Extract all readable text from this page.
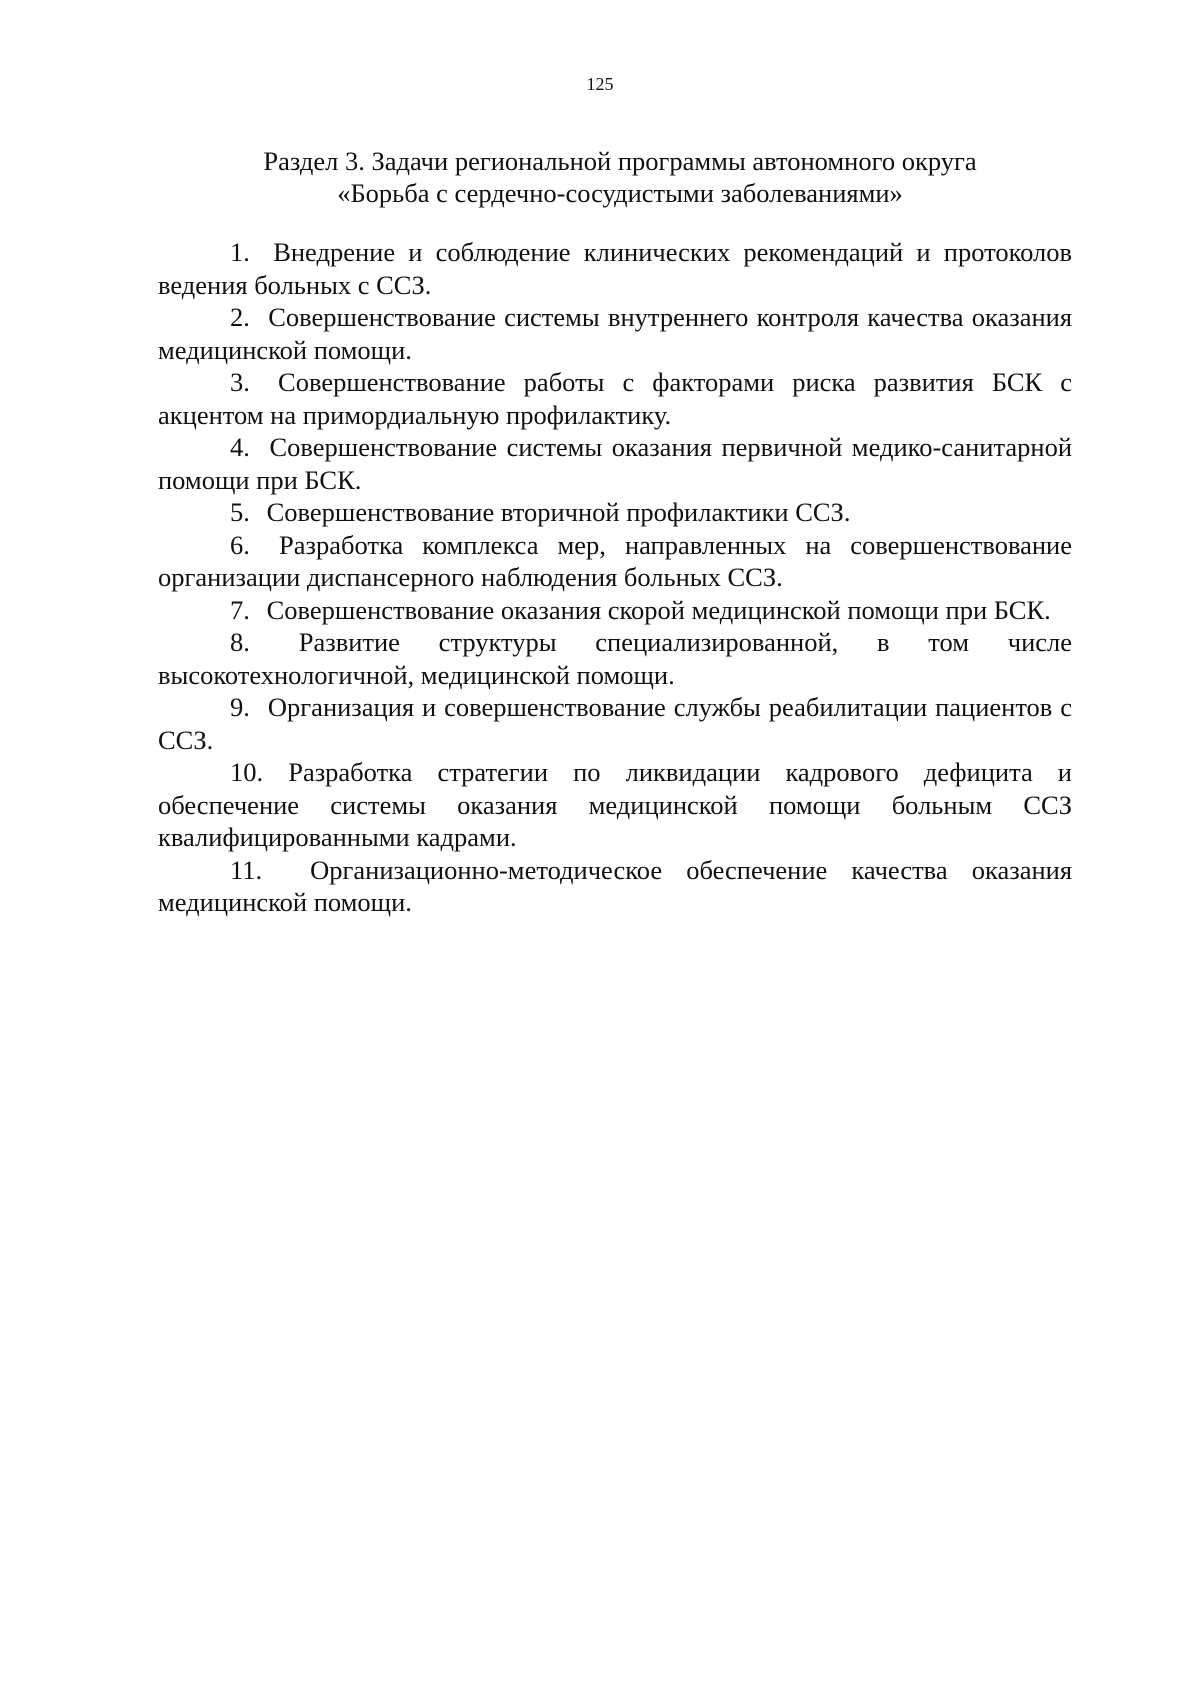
125
Раздел 3. Задачи региональной программы автономного округа
«Борьба с сердечно-сосудистыми заболеваниями»
1. Внедрение и соблюдение клинических рекомендаций и протоколов ведения больных с ССЗ.
2. Совершенствование системы внутреннего контроля качества оказания медицинской помощи.
3. Совершенствование работы с факторами риска развития БСК с акцентом на примордиальную профилактику.
4. Совершенствование системы оказания первичной медико-санитарной помощи при БСК.
5. Совершенствование вторичной профилактики ССЗ.
6. Разработка комплекса мер, направленных на совершенствование организации диспансерного наблюдения больных ССЗ.
7. Совершенствование оказания скорой медицинской помощи при БСК.
8. Развитие структуры специализированной, в том числе высокотехнологичной, медицинской помощи.
9. Организация и совершенствование службы реабилитации пациентов с ССЗ.
10. Разработка стратегии по ликвидации кадрового дефицита и обеспечение системы оказания медицинской помощи больным ССЗ квалифицированными кадрами.
11. Организационно-методическое обеспечение качества оказания медицинской помощи.
